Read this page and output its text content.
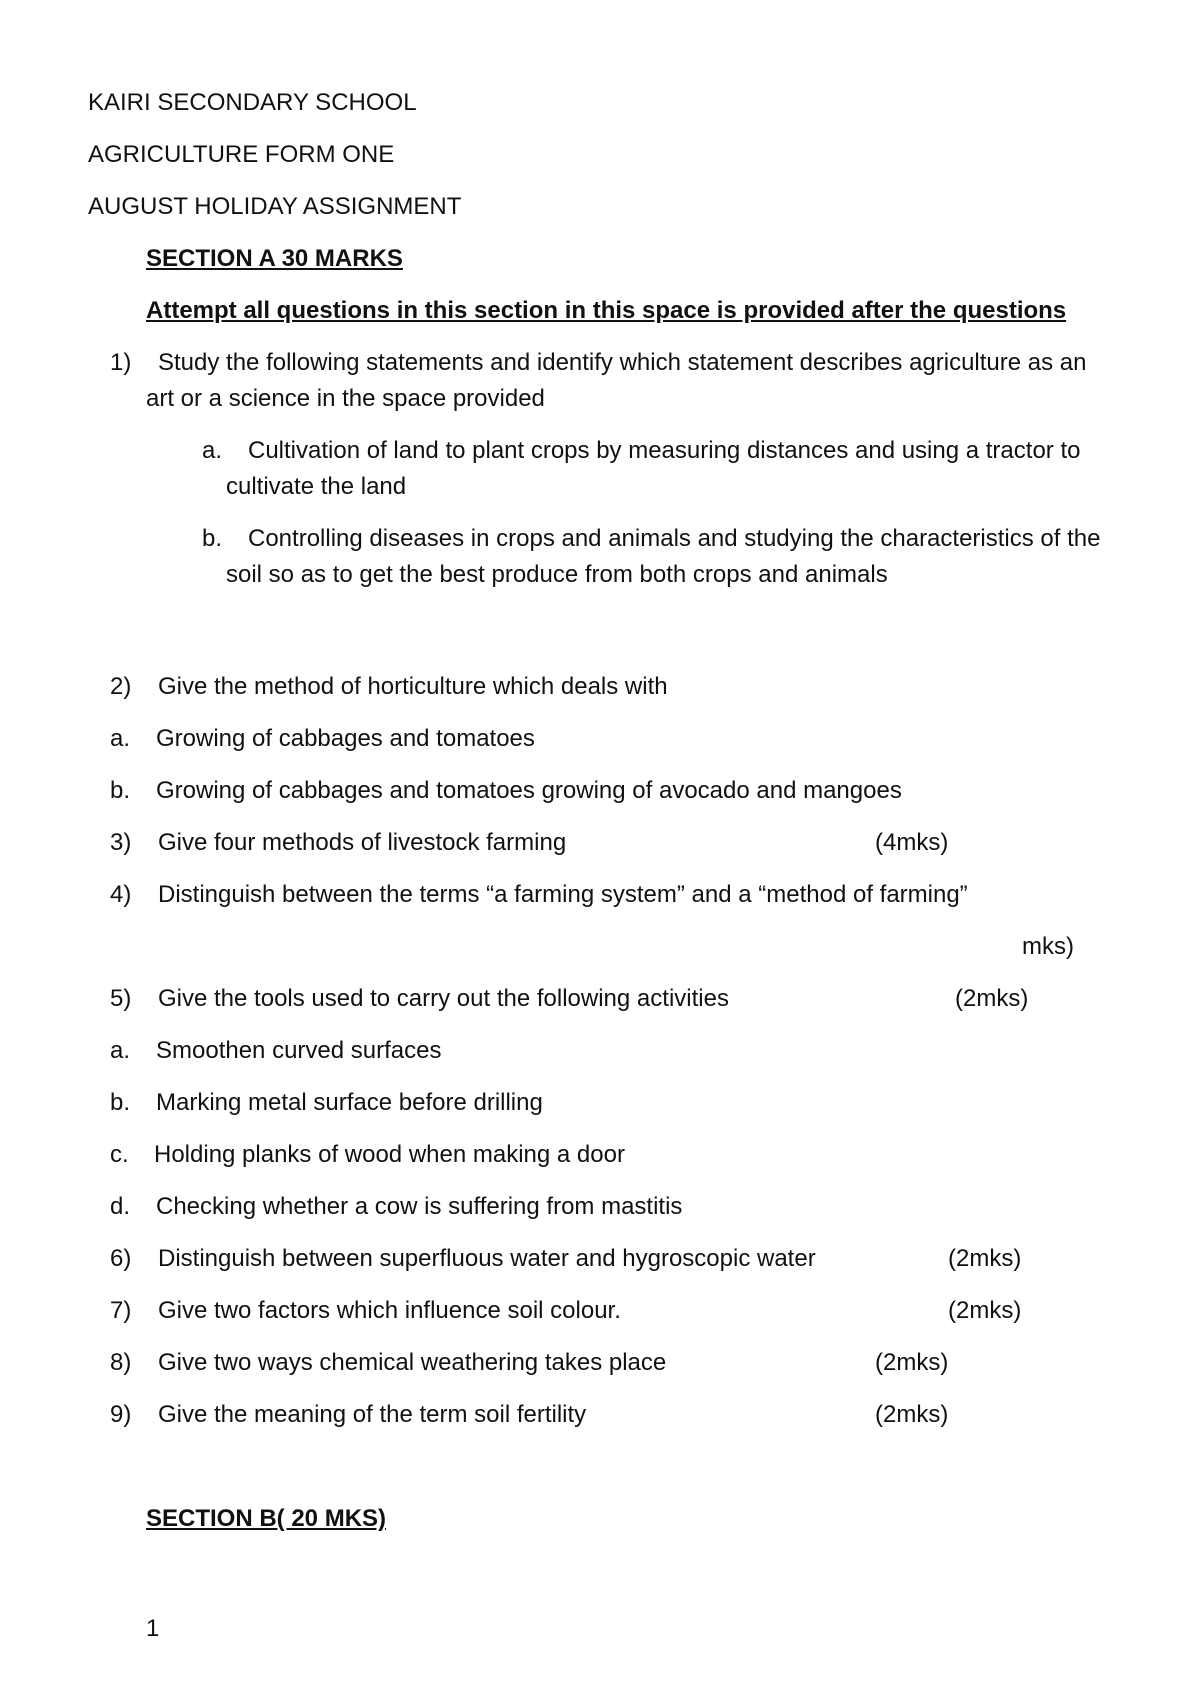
KAIRI SECONDARY SCHOOL
AGRICULTURE FORM ONE
AUGUST HOLIDAY ASSIGNMENT
SECTION A 30 MARKS
Attempt all questions in this section in this space is provided after the questions
1) Study the following statements and identify which statement describes agriculture as an
art or a science in the space provided
a. Cultivation of land to plant crops by measuring distances and using a tractor to
cultivate the land
b. Controlling diseases in crops and animals and studying the characteristics of the
soil so as to get the best produce from both crops and animals
2) Give the method of horticulture which deals with
a. Growing of cabbages and tomatoes
b. Growing of cabbages and tomatoes growing of avocado and mangoes
3) Give four methods of livestock farming	(4mks)
4) Distinguish between the terms “a farming system” and a “method of farming”
mks)
5) Give the tools used to carry out the following activities	(2mks)
a. Smoothen curved surfaces
b. Marking metal surface before drilling
c. Holding planks of wood when making a door
d. Checking whether a cow is suffering from mastitis
6) Distinguish between superfluous water and hygroscopic water	(2mks)
7) Give two factors which influence soil colour.	(2mks)
8) Give two ways chemical weathering takes place	(2mks)
9) Give the meaning of the term soil fertility	(2mks)
SECTION B( 20 MKS)
1
